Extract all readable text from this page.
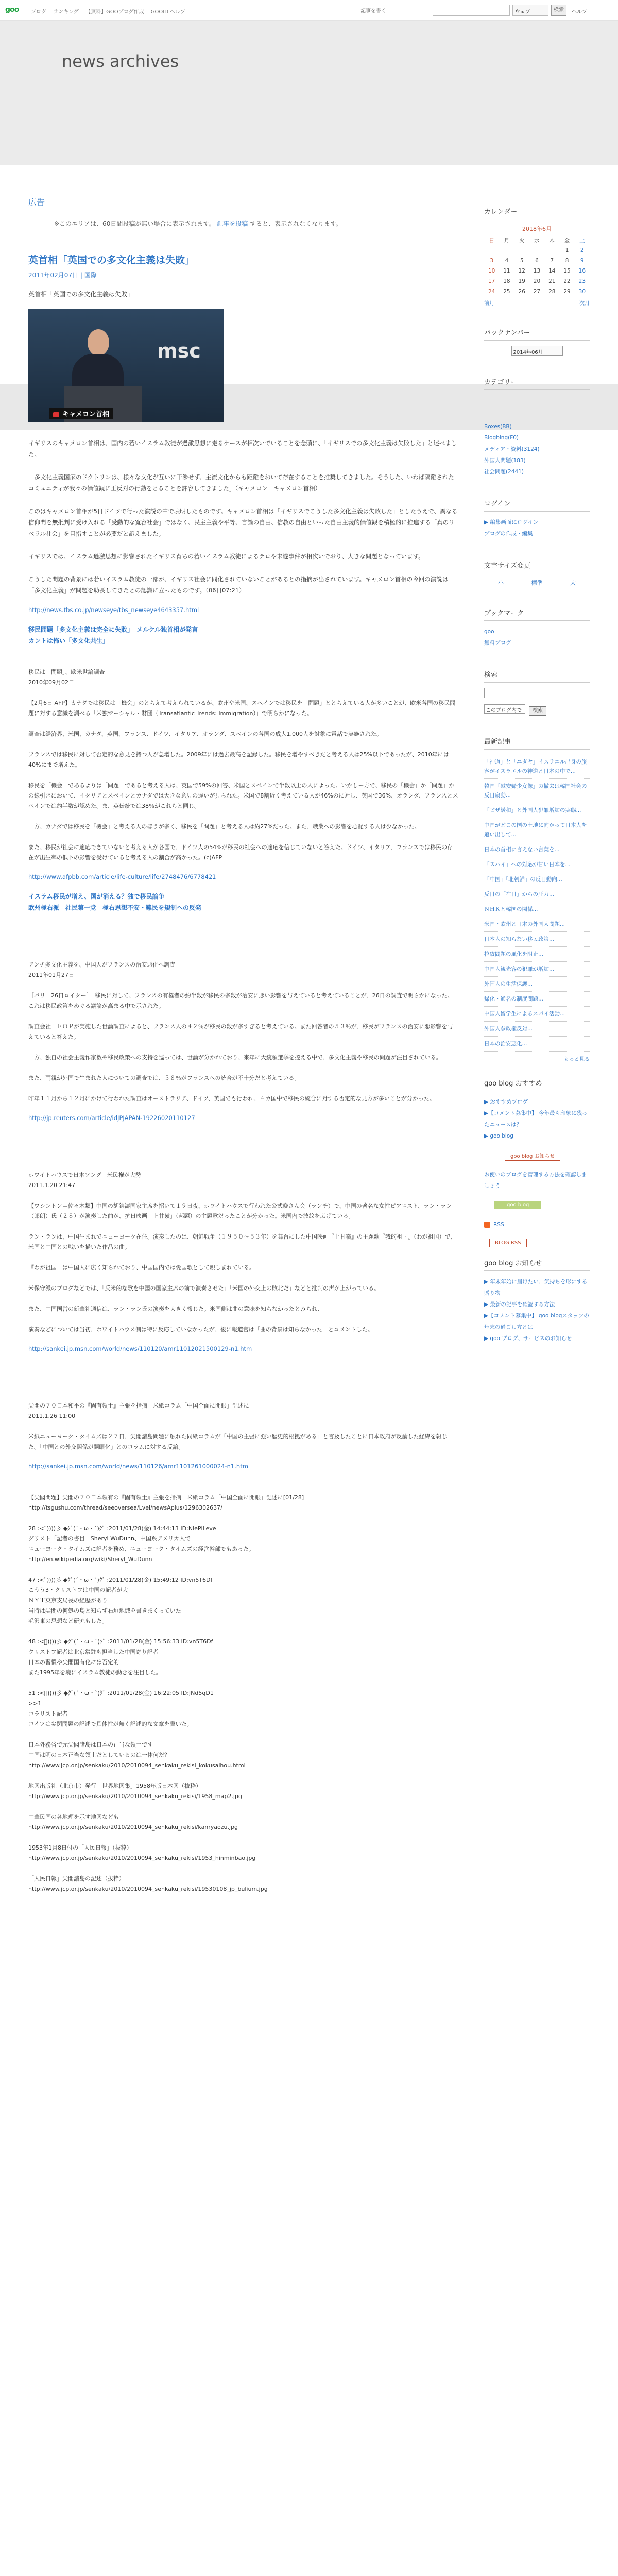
goo	ブログ ランキング 【無料】GOOブログ作成 GOOID ヘルプ	記事を書く	ウェブ	検索	ヘルプ
news archives
広告
※このエリアは、60日間投稿が無い場合に表示されます。 記事を投稿 すると、表示されなくなります。
英首相「英国での多文化主義は失敗」
2011年02月07日 | 国際
英首相「英国での多文化主義は失敗」
msc
キャメロン首相
イギリスのキャメロン首相は、国内の若いイスラム教徒が過激思想に走るケースが相次いでいることを念頭に、「イギリスでの多文化主義は失敗した」と述べました。

「多文化主義国家のドクトリンは、様々な文化が互いに干渉せず、主流文化からも距離をおいて存在することを推奨してきました。そうした、いわば隔離されたコミュニティが我々の価値観に正反対の行動をとることを許容してきました」（キャメロン　キャメロン首相）

このはキャメロン首相が5日ドイツで行った演説の中で表明したものです。キャメロン首相は「イギリスでこうした多文化主義は失敗した」としたうえで、異なる信仰間を無批判に受け入れる「受動的な寛容社会」ではなく、民主主義や平等、言論の自由、信教の自由といった自由主義的価値観を積極的に推進する「真のリベラル社会」を目指すことが必要だと訴えました。

イギリスでは、イスラム過激思想に影響されたイギリス育ちの若いイスラム教徒によるテロや未遂事件が相次いでおり、大きな問題となっています。

こうした問題の背景には若いイスラム教徒の一部が、イギリス社会に同化されていないことがあるとの指摘が出されています。キャメロン首相の今回の演説は「多文化主義」が問題を助長してきたとの認識に立ったものです。（06日07:21）
http://news.tbs.co.jp/newseye/tbs_newseye4643357.html
移民問題「多文化主義は完全に失敗」　メルケル独首相が発言
カントは怖い「多文化共生」
移民は「問題」、欧米世論調査
2010年09月02日

【2月6日 AFP】カナダでは移民は「機会」のとらえて考えられているが、欧州や米国、スペインでは移民を「問題」ととらえている人が多いことが、欧米各国の移民問題に対する意識を調べる「米独マーシャル・財団（Transatlantic Trends: Immigration）」で明らかになった。

調査は経済界、米国、カナダ、英国、フランス、ドイツ、イタリア、オランダ、スペインの各国の成人1,000人を対象に電話で実施された。

フランスでは移民に対して否定的な意見を持つ人が急増した。2009年には過去最高を記録した。移民を増やすべきだと考える人は25%以下であったが、2010年には40%にまで増えた。

移民を「機会」であるよりは「問題」であると考える人は、英国で59%の回答、米国とスペインで半数以上の人によった。いかしー方で、移民の「機会」か「問題」かの線引きにおいて、イタリアとスペインとカナダでは大きな意見の違いが見られた。米国で8割近く考えている人が46%のに対し、英国で36%、オランダ、フランスとスペインでは約半数が認めた。ま、英伝統では38％がこれらと同じ。

一方、カナダでは移民を「機会」と考える人のほうが多く、移民を「問題」と考える人は約27%だった。また、職業への影響を心配する人は少なかった。

また、移民が社会に適応できていないと考える人が各国で、ドイツ人の54%が移民の社会への適応を信じていないと答えた。ドイツ、イタリア、フランスでは移民の存在が出生率の低下の影響を受けていると考える人の割合が高かった。(c)AFP
http://www.afpbb.com/article/life-culture/life/2748476/6778421
イスラム移民が増え、国が消える？独で移民論争
欧州極右派　社民第一党　極右思想不安・難民を規制への反発
アンチ多文化主義を、中国人がフランスの治安悪化へ調査
2011年01月27日

［パリ　26日ロイター］　移民に対して、フランスの有権者の約半数が移民の多数が治安に悪い影響を与えていると考えていることが、26日の調査で明らかになった。これは移民政策をめぐる議論が高まる中で示された。

調査会社ＩＦＯＰが実施した世論調査によると、フランス人の４２％が移民の数が多すぎると考えている。また回答者の５３％が、移民がフランスの治安に悪影響を与えていると答えた。

一方、独自の社会主義作家数や移民政策への支持を巡っては、世論が分かれており、来年に大統領選挙を控える中で、多文化主義や移民の問題が注目されている。

また、両親が外国で生まれた人についての調査では、５８％がフランスへの統合が不十分だと考えている。

昨年１１月から１２月にかけて行われた調査はオーストラリア、ドイツ、英国でも行われ、４カ国中で移民の統合に対する否定的な見方が多いことが分かった。
http://jp.reuters.com/article/idJPJAPAN-19226020110127
ホワイトハウスで日本ソング　米民権が大勢
2011.1.20 21:47

【ワシントン＝佐々木類】中国の胡錦濤国家主席を招いて１９日夜、ホワイトハウスで行われた公式晩さん会（ランチ）で、中国の著名な女性ピアニスト、ラン・ラン（郎朗）氏（２８）が演奏した曲が、抗日映画「上甘嶺」（邦題）の主題歌だったことが分かった。米国内で波紋を広げている。

ラン・ランは、中国生まれでニューヨーク在住。演奏したのは、朝鮮戦争（１９５０〜５３年）を舞台にした中国映画『上甘嶺』の主題歌『我的祖国』（わが祖国）で、米国と中国との戦いを描いた作品の曲。

『わが祖国』は中国人に広く知られており、中国国内では愛国歌として親しまれている。

米保守派のブログなどでは、「反米的な歌を中国の国家主席の前で演奏させた」「米国の外交上の敗北だ」などと批判の声が上がっている。

また、中国国営の新華社通信は、ラン・ラン氏の演奏を大きく報じた。米国側は曲の意味を知らなかったとみられ、

演奏などについては当初、ホワイトハウス側は特に反応していなかったが、後に報道官は「曲の背景は知らなかった」とコメントした。
http://sankei.jp.msn.com/world/news/110120/amr11012021500129-n1.htm
尖閣の７０日本和平の『固有領土』主張を指摘　米紙コラム「中国全面に開眼」記述に
2011.1.26 11:00

米紙ニューヨーク・タイムズは２７日、尖閣諸島問題に触れた同紙コラムが「中国の主張に強い歴史的根拠がある」と言及したことに日本政府が反論した経緯を報じた。「中国との外交関係が開眼化」とのコラムに対する反論。
http://sankei.jp.msn.com/world/news/110126/amr1101261000024-n1.htm
【尖閣問題】尖閣の７０日本領有の『固有領土』主張を指摘　米紙コラム「中国全面に開眼」記述に[01/28]
http://tsgushu.com/thread/seeoversea/Lvel/newsAplus/1296302637/

28 :<ﾟ))))彡 ◆ｸﾞ(´・ω・`)ｸﾞ :2011/01/28(金) 14:44:13 ID:NiePlLeve
グリスト「記者の書目」Sheryl WuDunn、中国系アメリカ人で
ニューヨーク・タイムズに記者を務め、ニューヨーク・タイムズの経営幹部でもあった。
http://en.wikipedia.org/wiki/Sheryl_WuDunn

47 :<ﾟ))))彡 ◆ｸﾞ(´・ω・`)ｸﾞ :2011/01/28(金) 15:49:12 ID:vn5T6Df
こうう3・クリストフは中国の記者が大
ＮＹＴ東京支局長の経歴があり
当時は尖閣の何処の島と知らず石垣地域を書きまくっていた
毛沢東の思想など研究もした。

48 :<ﾟ))))彡 ◆ｸﾞ(´・ω・`)ｸﾞ :2011/01/28(金) 15:56:33 ID:vn5T6Df
クリストフ記者は北京常駐も担当した中国寄り記者
日本の習慣や尖閣国有化には否定的
また1995年を境にイスラム教徒の動きを注目した。

51 :<ﾟ))))彡 ◆ｸﾞ(´・ω・`)ｸﾞ :2011/01/28(金) 16:22:05 ID:JNd5qD1
>>1
コラリスト記者
コイツは尖閣問題の記述で具体性が無く記述的な文章を書いた。

日本外務省で元尖閣諸島は日本の正当な領土です
中国は明の日本正当な領土だとしているのは一体何だ？
http://www.jcp.or.jp/senkaku/2010/2010094_senkaku_rekisi_kokusaihou.html

地図出版社（北京市）発行「世界地図集」1958年版日本図（抜粋）
http://www.jcp.or.jp/senkaku/2010/2010094_senkaku_rekisi/1958_map2.jpg

中華民国の各地理を示す地図なども
http://www.jcp.or.jp/senkaku/2010/2010094_senkaku_rekisi/kanryaozu.jpg

1953年1月8日付の「人民日報」（抜粋）
http://www.jcp.or.jp/senkaku/2010/2010094_senkaku_rekisi/1953_hinminbao.jpg

「人民日報」尖閣諸島の記述（抜粋）
http://www.jcp.or.jp/senkaku/2010/2010094_senkaku_rekisi/19530108_jp_bulium.jpg
カレンダー
2018年6月
日	月	火	水	木	金	土
					1	2
3	4	5	6	7	8	9
10	11	12	13	14	15	16
17	18	19	20	21	22	23
24	25	26	27	28	29	30
前月	次月
バックナンバー
2014年06月
カテゴリー
Boxes(BB)
Blogbing(F0)
メディア・資料(3124)
外国人問題(183)
社会問題(2441)
ログイン
▶ 編集画面にログイン
ブログの作成・編集
文字サイズ変更
小	標準	大
ブックマーク
goo
無料ブログ
検索
このブログ内で 検索
最新記事
「神道」と「ユダヤ」イスラエル出身の旅客がイスラエルの神道と日本の中で...
韓国「慰安婦少女像」の撤去は韓国社会の反日扇動...
「ビザ緩和」と外国人犯罪増加の実態...
中国がどこの国の土地に向かって日本人を追い出して...
日本の首相に言えない言葉を...
「スパイ」への対応が甘い日本を...
「中国」「北朝鮮」の反日動向...
反日の「在日」からの圧力...
ＮＨＫと韓国の関係...
米国・欧州と日本の外国人問題...
日本人の知らない移民政策...
拉致問題の風化を阻止...
中国人観光客の犯罪が増加...
外国人の生活保護...
帰化・通名の制度問題...
中国人留学生によるスパイ活動...
外国人参政権反対...
日本の治安悪化...
もっと見る
goo blog おすすめ
▶ おすすめブログ
▶【コメント募集中】 今年最も印象に残ったニュースは？
▶ goo blog
goo blog お知らせ
お使いのブログを管理する方法を確認しましょう
goo blog
RSS
BLOG RSS
goo blog お知らせ
▶ 年末年始に届けたい、気持ちを形にする贈り物
▶ 最新の記事を確認する方法
▶【コメント募集中】 goo blogスタッフの年末の過ごし方とは
▶ goo ブログ、サービスのお知らせ
